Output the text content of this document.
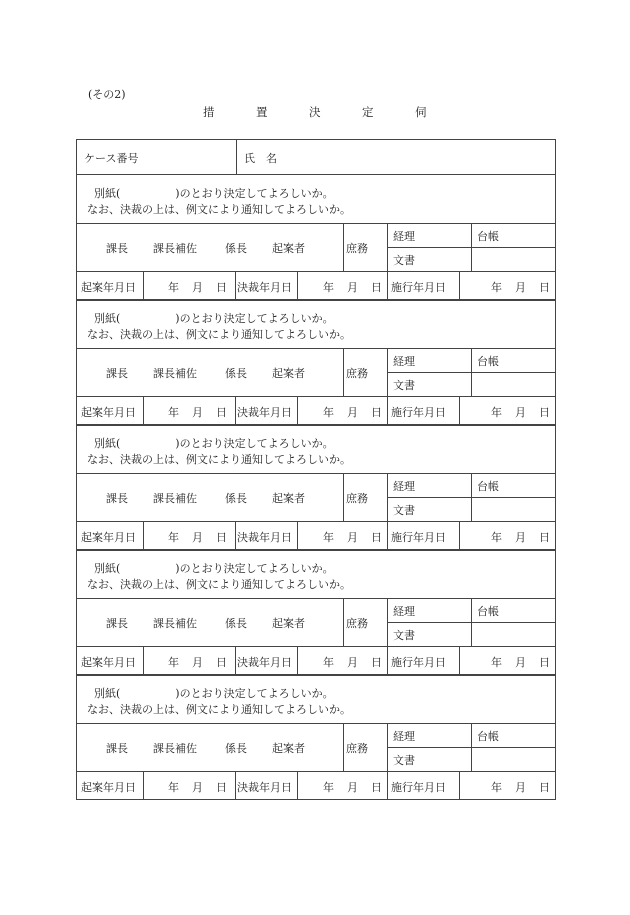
(その2)
措	置	決	定	伺
ケース番号	氏　名
別紙(　　　　　)のとおり決定してよろしいか。
なお、決裁の上は、例文により通知してよろしいか。
課長 課長補佐	係長 起案者	庶務
経理	台帳
文書
起案年月日	年 月 日 決裁年月日	年 月 日 施行年月日	年 月 日
別紙(　　　　　)のとおり決定してよろしいか。
なお、決裁の上は、例文により通知してよろしいか。
課長 課長補佐	係長 起案者	庶務
経理	台帳
文書
起案年月日	年 月 日 決裁年月日	年 月 日 施行年月日	年 月 日
別紙(　　　　　)のとおり決定してよろしいか。
なお、決裁の上は、例文により通知してよろしいか。
課長 課長補佐	係長 起案者	庶務
経理	台帳
文書
起案年月日	年 月 日 決裁年月日	年 月 日 施行年月日	年 月 日
別紙(　　　　　)のとおり決定してよろしいか。
なお、決裁の上は、例文により通知してよろしいか。
課長 課長補佐	係長 起案者	庶務
経理	台帳
文書
起案年月日	年 月 日 決裁年月日	年 月 日 施行年月日	年 月 日
別紙(　　　　　)のとおり決定してよろしいか。
なお、決裁の上は、例文により通知してよろしいか。
課長 課長補佐	係長 起案者	庶務
経理	台帳
文書
起案年月日	年 月 日 決裁年月日	年 月 日 施行年月日	年 月 日
